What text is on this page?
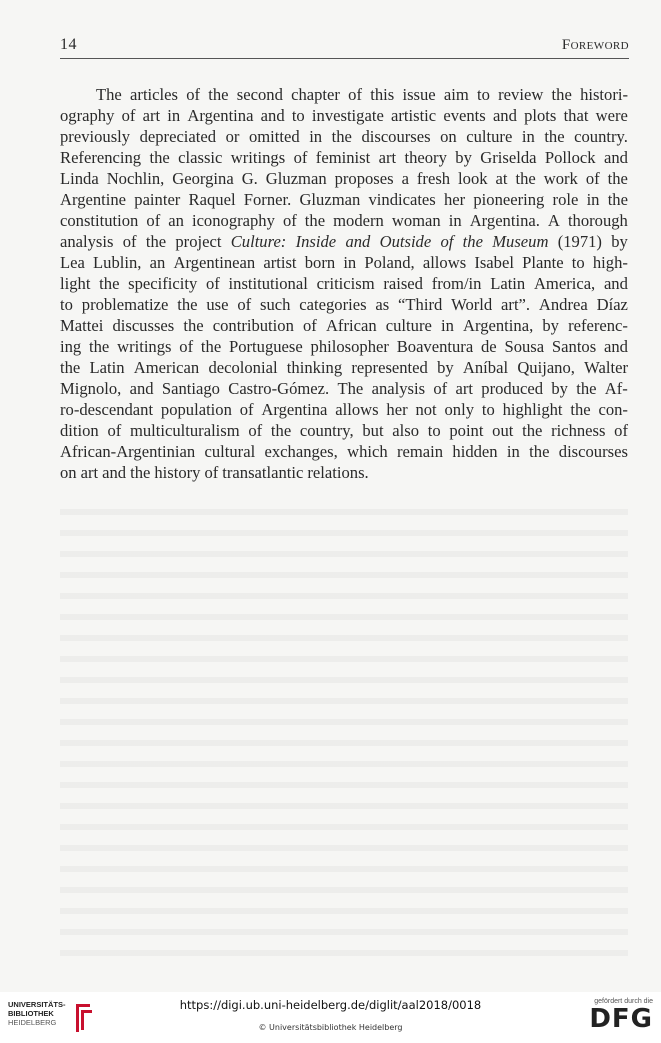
14	Foreword
The articles of the second chapter of this issue aim to review the histori-
ography of art in Argentina and to investigate artistic events and plots that were
previously depreciated or omitted in the discourses on culture in the country.
Referencing the classic writings of feminist art theory by Griselda Pollock and
Linda Nochlin, Georgina G. Gluzman proposes a fresh look at the work of the
Argentine painter Raquel Forner. Gluzman vindicates her pioneering role in the
constitution of an iconography of the modern woman in Argentina. A thorough
analysis of the project Culture: Inside and Outside of the Museum (1971) by
Lea Lublin, an Argentinean artist born in Poland, allows Isabel Plante to high-
light the specificity of institutional criticism raised from/in Latin America, and
to problematize the use of such categories as “Third World art”. Andrea Díaz
Mattei discusses the contribution of African culture in Argentina, by referenc-
ing the writings of the Portuguese philosopher Boaventura de Sousa Santos and
the Latin American decolonial thinking represented by Aníbal Quijano, Walter
Mignolo, and Santiago Castro-Gómez. The analysis of art produced by the Af-
ro-descendant population of Argentina allows her not only to highlight the con-
dition of multiculturalism of the country, but also to point out the richness of
African-Argentinian cultural exchanges, which remain hidden in the discourses
on art and the history of transatlantic relations.
UNIVERSITÄTS-
BIBLIOTHEK
HEIDELBERG
https://digi.ub.uni-heidelberg.de/diglit/aal2018/0018
© Universitätsbibliothek Heidelberg
gefördert durch die
DFG
